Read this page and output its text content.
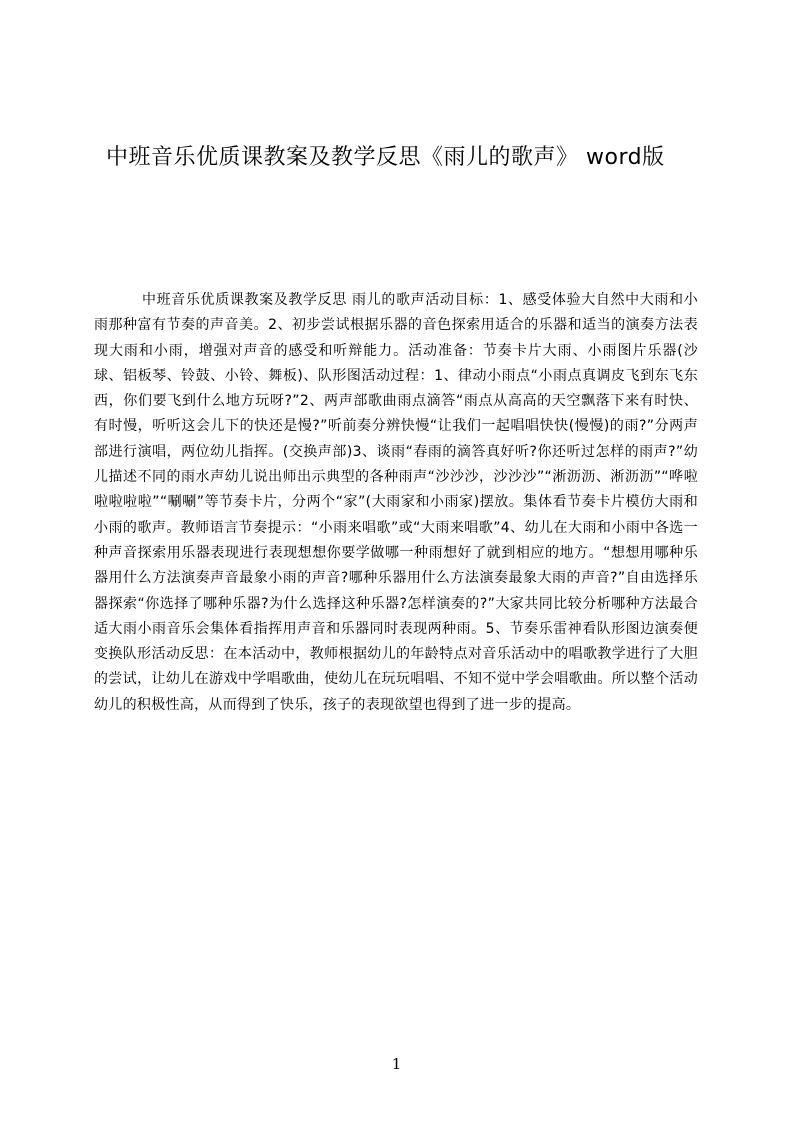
中班音乐优质课教案及教学反思《雨儿的歌声》 word版
中班音乐优质课教案及教学反思 雨儿的歌声活动目标：1、感受体验大自然中大雨和小雨那种富有节奏的声音美。2、初步尝试根据乐器的音色探索用适合的乐器和适当的演奏方法表现大雨和小雨，增强对声音的感受和听辩能力。活动准备：节奏卡片大雨、小雨图片乐器(沙球、铝板琴、铃鼓、小铃、舞板)、队形图活动过程：1、律动小雨点“小雨点真调皮飞到东飞东西，你们要飞到什么地方玩呀?”2、两声部歌曲雨点滴答“雨点从高高的天空飘落下来有时快、有时慢，听听这会儿下的快还是慢?”听前奏分辨快慢“让我们一起唱唱快快(慢慢)的雨?”分两声部进行演唱，两位幼儿指挥。(交换声部)3、谈雨“春雨的滴答真好听?你还听过怎样的雨声?”幼儿描述不同的雨水声幼儿说出师出示典型的各种雨声“沙沙沙，沙沙沙”“淅沥沥、淅沥沥”“哗啦啦啦啦啦”“唰唰”等节奏卡片，分两个“家”(大雨家和小雨家)摆放。集体看节奏卡片模仿大雨和小雨的歌声。教师语言节奏提示：“小雨来唱歌”或“大雨来唱歌”4、幼儿在大雨和小雨中各选一种声音探索用乐器表现进行表现想想你要学做哪一种雨想好了就到相应的地方。“想想用哪种乐器用什么方法演奏声音最象小雨的声音?哪种乐器用什么方法演奏最象大雨的声音?”自由选择乐器探索“你选择了哪种乐器?为什么选择这种乐器?怎样演奏的?”大家共同比较分析哪种方法最合适大雨小雨音乐会集体看指挥用声音和乐器同时表现两种雨。5、节奏乐雷神看队形图边演奏便变换队形活动反思：在本活动中，教师根据幼儿的年龄特点对音乐活动中的唱歌教学进行了大胆的尝试，让幼儿在游戏中学唱歌曲，使幼儿在玩玩唱唱、不知不觉中学会唱歌曲。所以整个活动幼儿的积极性高，从而得到了快乐，孩子的表现欲望也得到了进一步的提高。
1
